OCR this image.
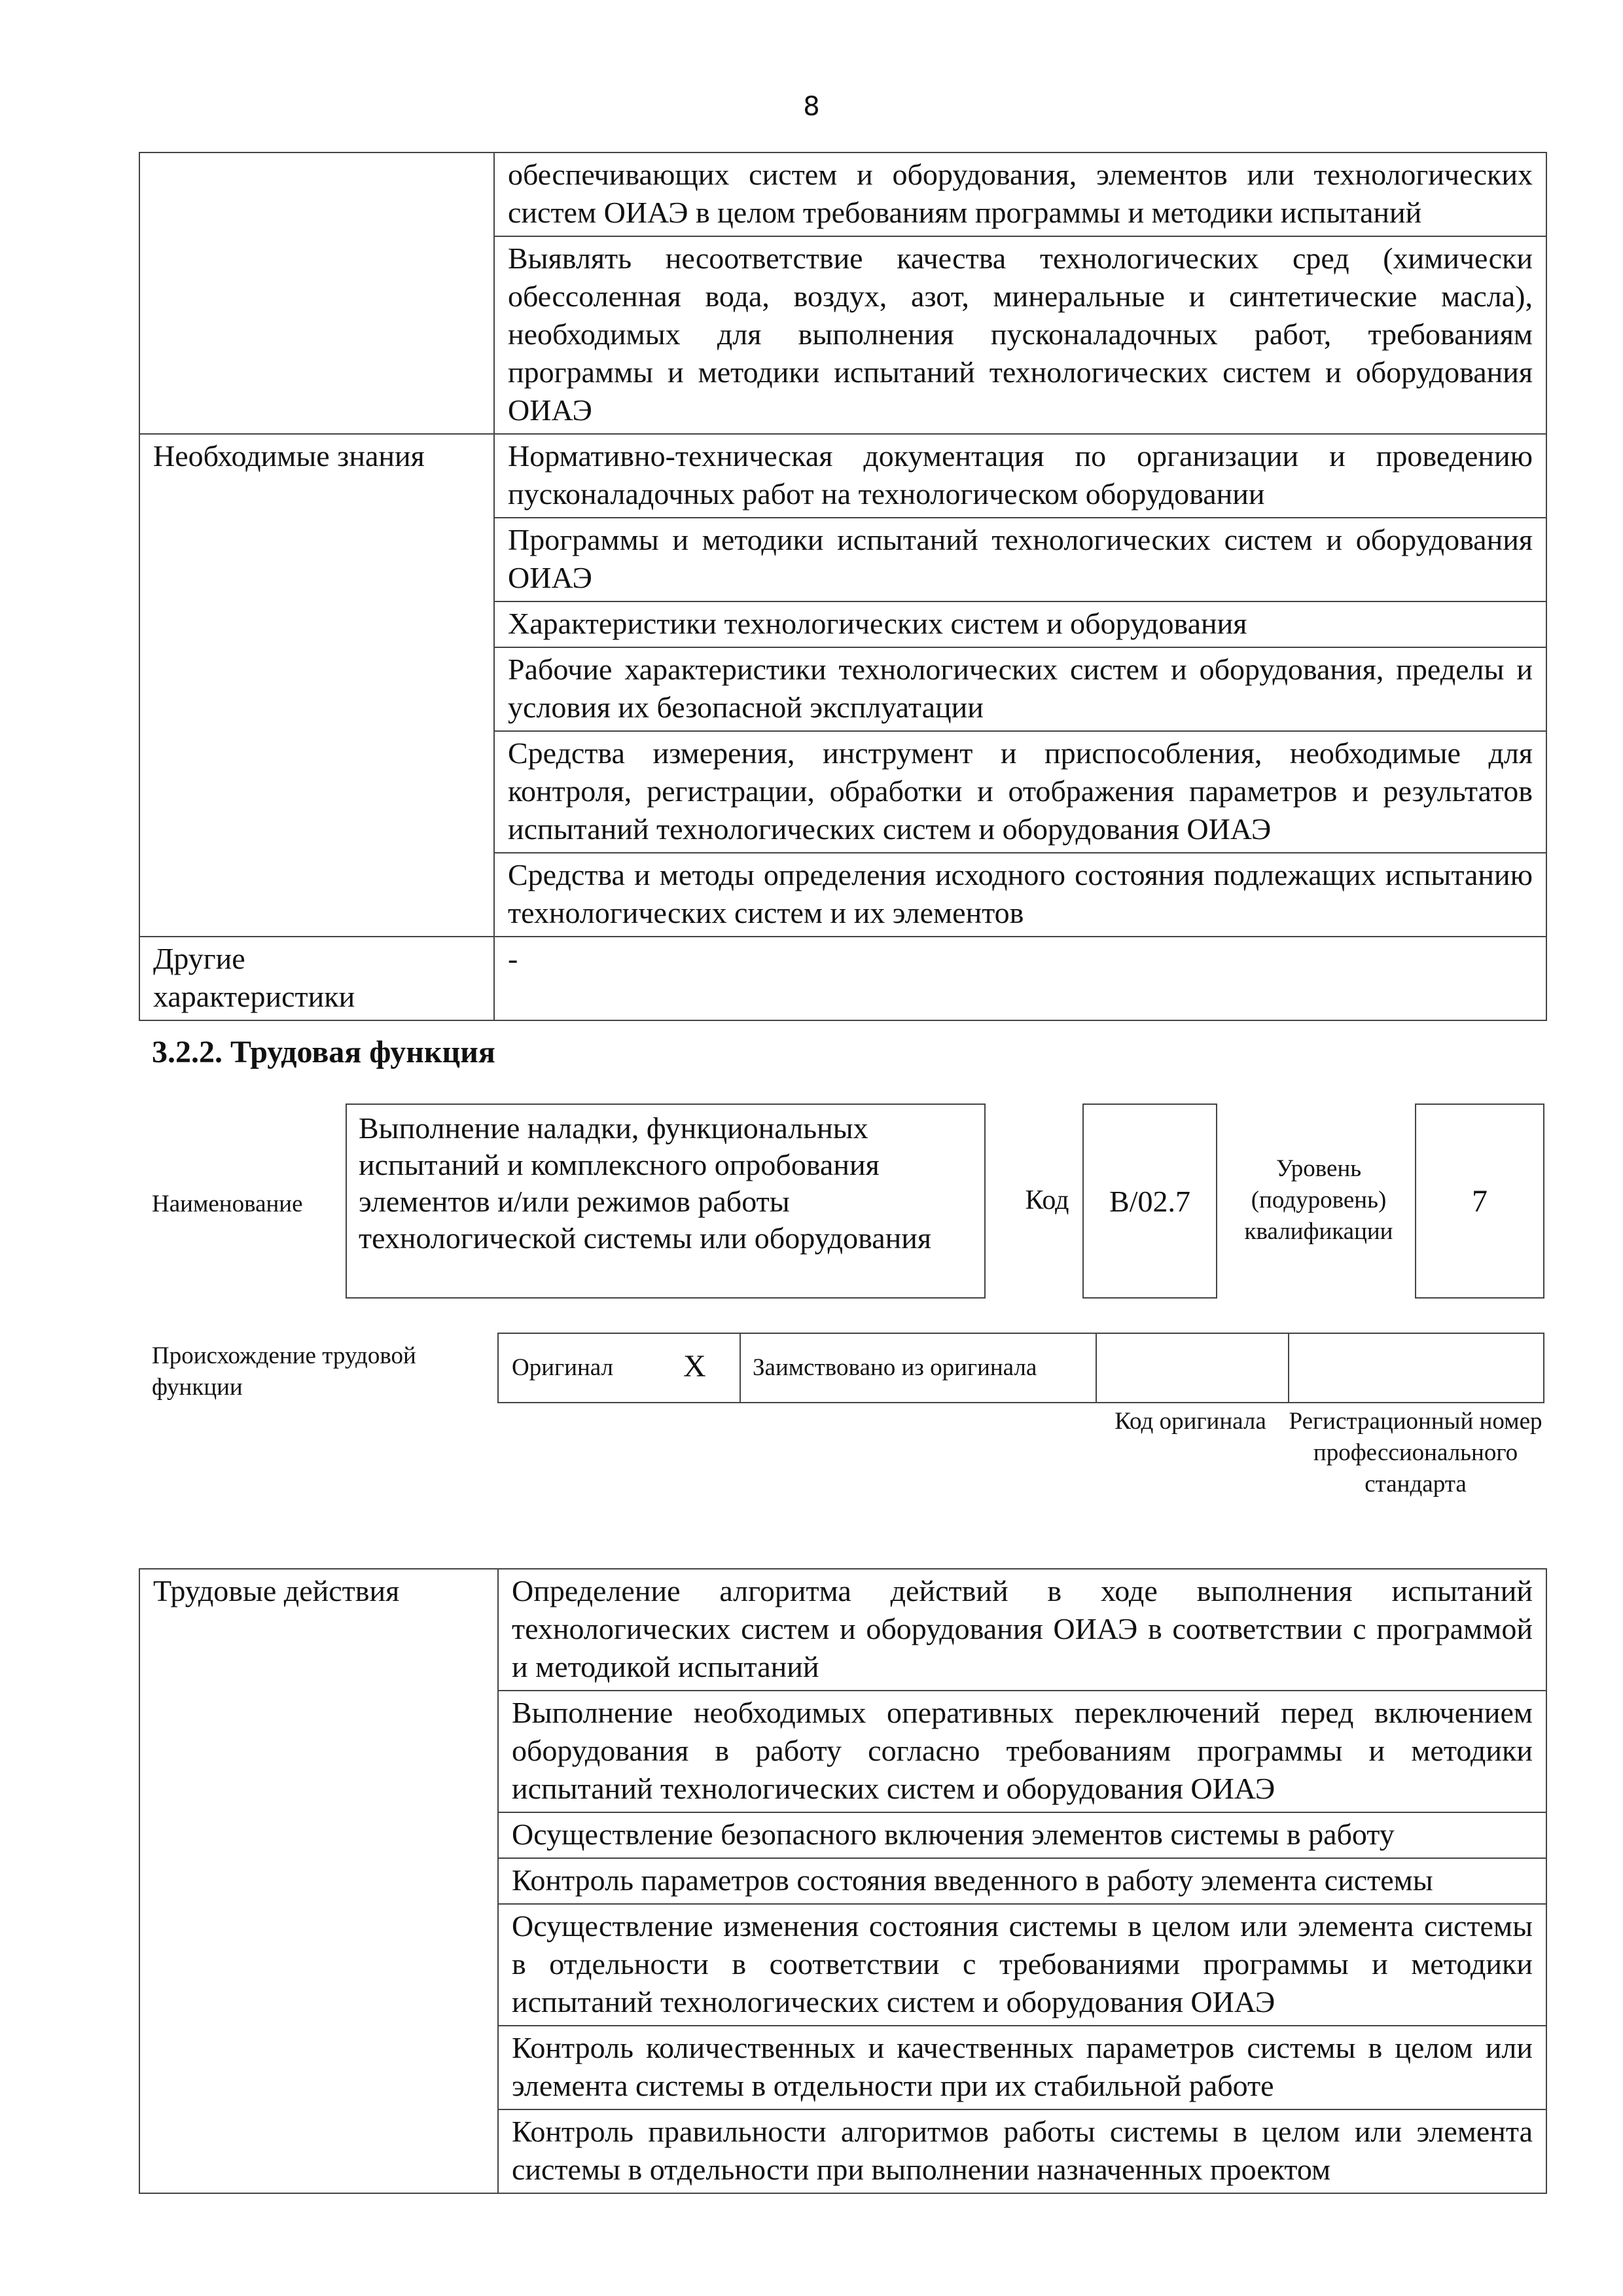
8
	обеспечивающих систем и оборудования, элементов или технологических систем ОИАЭ в целом требованиям программы и методики испытаний
	Выявлять несоответствие качества технологических сред (химически обессоленная вода, воздух, азот, минеральные и синтетические масла), необходимых для выполнения пусконаладочных работ, требованиям программы и методики испытаний технологических систем и оборудования ОИАЭ
Необходимые знания	Нормативно-техническая документация по организации и проведению пусконаладочных работ на технологическом оборудовании
	Программы и методики испытаний технологических систем и оборудования ОИАЭ
	Характеристики технологических систем и оборудования
	Рабочие характеристики технологических систем и оборудования, пределы и условия их безопасной эксплуатации
	Средства измерения, инструмент и приспособления, необходимые для контроля, регистрации, обработки и отображения параметров и результатов испытаний технологических систем и оборудования ОИАЭ
	Средства и методы определения исходного состояния подлежащих испытанию технологических систем и их элементов
Другие характеристики	-
3.2.2. Трудовая функция
Наименование
Выполнение наладки, функциональных испытаний и комплексного опробования элементов и/или режимов работы технологической системы или оборудования
Код	B/02.7
Уровень (подуровень) квалификации
7
Происхождение трудовой функции
Оригинал X Заимствовано из оригинала
Код оригинала Регистрационный номер профессионального стандарта
Трудовые действия	Определение алгоритма действий в ходе выполнения испытаний технологических систем и оборудования ОИАЭ в соответствии с программой и методикой испытаний
Выполнение необходимых оперативных переключений перед включением оборудования в работу согласно требованиям программы и методики испытаний технологических систем и оборудования ОИАЭ
Осуществление безопасного включения элементов системы в работу
Контроль параметров состояния введенного в работу элемента системы
Осуществление изменения состояния системы в целом или элемента системы в отдельности в соответствии с требованиями программы и методики испытаний технологических систем и оборудования ОИАЭ
Контроль количественных и качественных параметров системы в целом или элемента системы в отдельности при их стабильной работе
Контроль правильности алгоритмов работы системы в целом или элемента системы в отдельности при выполнении назначенных проектом
